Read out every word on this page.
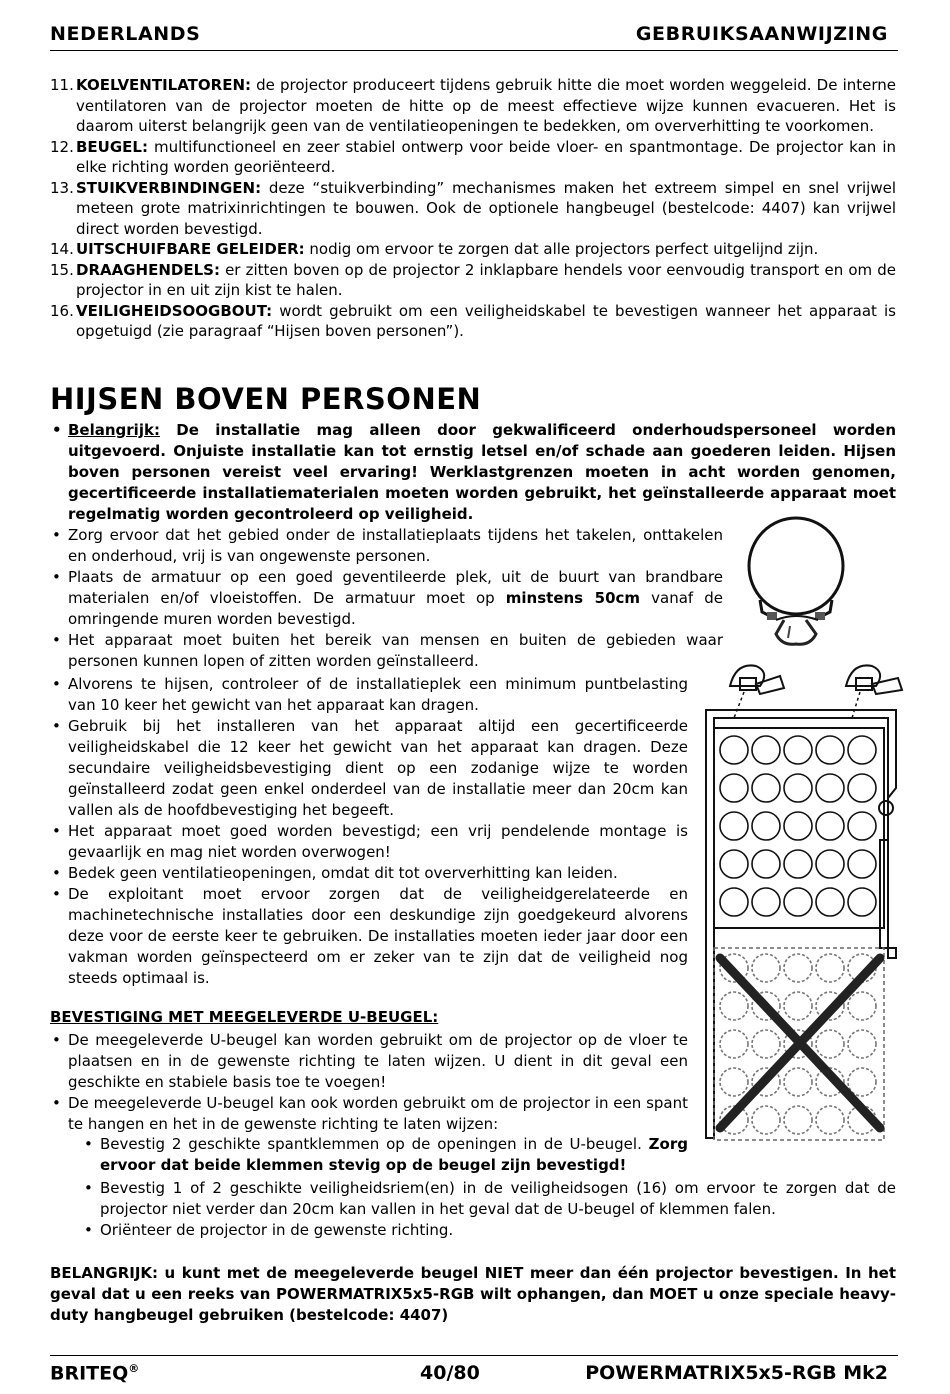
NEDERLANDS	GEBRUIKSAANWIJZING
11. KOELVENTILATOREN: de projector produceert tijdens gebruik hitte die moet worden weggeleid. De interne ventilatoren van de projector moeten de hitte op de meest effectieve wijze kunnen evacueren. Het is daarom uiterst belangrijk geen van de ventilatieopeningen te bedekken, om oververhitting te voorkomen.
12. BEUGEL: multifunctioneel en zeer stabiel ontwerp voor beide vloer- en spantmontage. De projector kan in elke richting worden georiënteerd.
13. STUIKVERBINDINGEN: deze “stuikverbinding” mechanismes maken het extreem simpel en snel vrijwel meteen grote matrixinrichtingen te bouwen. Ook de optionele hangbeugel (bestelcode: 4407) kan vrijwel direct worden bevestigd.
14. UITSCHUIFBARE GELEIDER: nodig om ervoor te zorgen dat alle projectors perfect uitgelijnd zijn.
15. DRAAGHENDELS: er zitten boven op de projector 2 inklapbare hendels voor eenvoudig transport en om de projector in en uit zijn kist te halen.
16. VEILIGHEIDSOOGBOUT: wordt gebruikt om een veiligheidskabel te bevestigen wanneer het apparaat is opgetuigd (zie paragraaf “Hijsen boven personen”).
HIJSEN BOVEN PERSONEN
• Belangrijk: De installatie mag alleen door gekwalificeerd onderhoudspersoneel worden uitgevoerd. Onjuiste installatie kan tot ernstig letsel en/of schade aan goederen leiden. Hijsen boven personen vereist veel ervaring! Werklastgrenzen moeten in acht worden genomen, gecertificeerde installatiematerialen moeten worden gebruikt, het geïnstalleerde apparaat moet regelmatig worden gecontroleerd op veiligheid.
• Zorg ervoor dat het gebied onder de installatieplaats tijdens het takelen, onttakelen en onderhoud, vrij is van ongewenste personen.
• Plaats de armatuur op een goed geventileerde plek, uit de buurt van brandbare materialen en/of vloeistoffen. De armatuur moet op minstens 50cm vanaf de omringende muren worden bevestigd.
• Het apparaat moet buiten het bereik van mensen en buiten de gebieden waar personen kunnen lopen of zitten worden geïnstalleerd.
• Alvorens te hijsen, controleer of de installatieplek een minimum puntbelasting van 10 keer het gewicht van het apparaat kan dragen.
• Gebruik bij het installeren van het apparaat altijd een gecertificeerde veiligheidskabel die 12 keer het gewicht van het apparaat kan dragen. Deze secundaire veiligheidsbevestiging dient op een zodanige wijze te worden geïnstalleerd zodat geen enkel onderdeel van de installatie meer dan 20cm kan vallen als de hoofdbevestiging het begeeft.
• Het apparaat moet goed worden bevestigd; een vrij pendelende montage is gevaarlijk en mag niet worden overwogen!
• Bedek geen ventilatieopeningen, omdat dit tot oververhitting kan leiden.
• De exploitant moet ervoor zorgen dat de veiligheidgerelateerde en machinetechnische installaties door een deskundige zijn goedgekeurd alvorens deze voor de eerste keer te gebruiken. De installaties moeten ieder jaar door een vakman worden geïnspecteerd om er zeker van te zijn dat de veiligheid nog steeds optimaal is.
BEVESTIGING MET MEEGELEVERDE U-BEUGEL:
• De meegeleverde U-beugel kan worden gebruikt om de projector op de vloer te plaatsen en in de gewenste richting te laten wijzen. U dient in dit geval een geschikte en stabiele basis toe te voegen!
• De meegeleverde U-beugel kan ook worden gebruikt om de projector in een spant te hangen en het in de gewenste richting te laten wijzen:
• Bevestig 2 geschikte spantklemmen op de openingen in de U-beugel. Zorg ervoor dat beide klemmen stevig op de beugel zijn bevestigd!
• Bevestig 1 of 2 geschikte veiligheidsriem(en) in de veiligheidsogen (16) om ervoor te zorgen dat de projector niet verder dan 20cm kan vallen in het geval dat de U-beugel of klemmen falen.
• Oriënteer de projector in de gewenste richting.
BELANGRIJK: u kunt met de meegeleverde beugel NIET meer dan één projector bevestigen. In het geval dat u een reeks van POWERMATRIX5x5-RGB wilt ophangen, dan MOET u onze speciale heavy-duty hangbeugel gebruiken (bestelcode: 4407)
BRITEQ®	40/80	POWERMATRIX5x5-RGB Mk2
